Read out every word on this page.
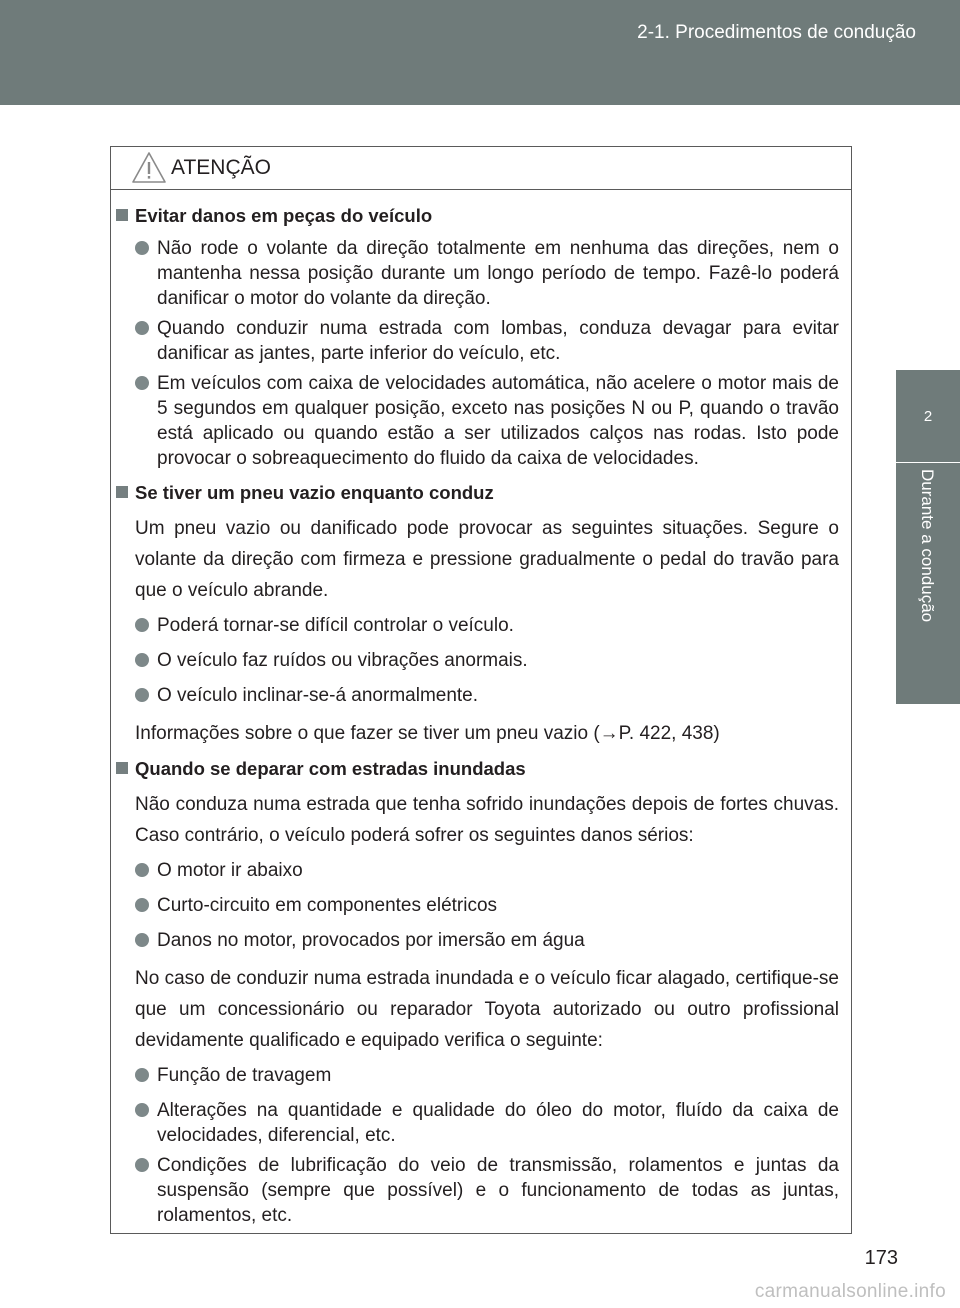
2-1. Procedimentos de condução
2
Durante a condução
ATENÇÃO
Evitar danos em peças do veículo
Não rode o volante da direção totalmente em nenhuma das direções, nem o mantenha nessa posição durante um longo período de tempo. Fazê-lo poderá danificar o motor do volante da direção.
Quando conduzir numa estrada com lombas, conduza devagar para evitar danificar as jantes, parte inferior do veículo, etc.
Em veículos com caixa de velocidades automática, não acelere o motor mais de 5 segundos em qualquer posição, exceto nas posições N ou P, quando o travão está aplicado ou quando estão a ser utilizados calços nas rodas. Isto pode provocar o sobreaquecimento do fluido da caixa de velocidades.
Se tiver um pneu vazio enquanto conduz
Um pneu vazio ou danificado pode provocar as seguintes situações. Segure o volante da direção com firmeza e pressione gradualmente o pedal do travão para que o veículo abrande.
Poderá tornar-se difícil controlar o veículo.
O veículo faz ruídos ou vibrações anormais.
O veículo inclinar-se-á anormalmente.
Informações sobre o que fazer se tiver um pneu vazio (→P. 422, 438)
Quando se deparar com estradas inundadas
Não conduza numa estrada que tenha sofrido inundações depois de fortes chuvas. Caso contrário, o veículo poderá sofrer os seguintes danos sérios:
O motor ir abaixo
Curto-circuito em componentes elétricos
Danos no motor, provocados por imersão em água
No caso de conduzir numa estrada inundada e o veículo ficar alagado, certifique-se que um concessionário ou reparador Toyota autorizado ou outro profissional devidamente qualificado e equipado verifica o seguinte:
Função de travagem
Alterações na quantidade e qualidade do óleo do motor, fluído da caixa de velocidades, diferencial, etc.
Condições de lubrificação do veio de transmissão, rolamentos e juntas da suspensão (sempre que possível) e o funcionamento de todas as juntas, rolamentos, etc.
173
carmanualsonline.info
